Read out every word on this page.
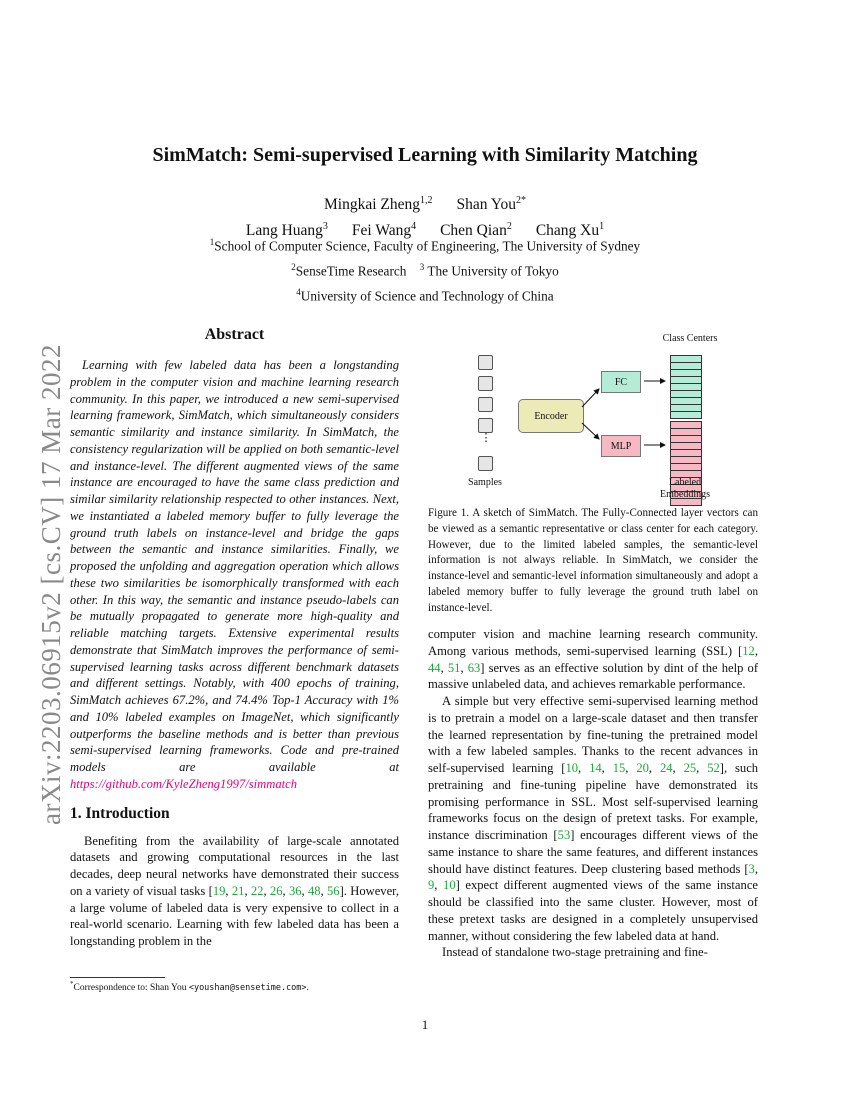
arXiv:2203.06915v2 [cs.CV] 17 Mar 2022
SimMatch: Semi-supervised Learning with Similarity Matching
Mingkai Zheng$^{1,2}$ Shan You$^{2*}$
Lang Huang$^3$ Fei Wang$^4$ Chen Qian$^2$ Chang Xu$^1$
$^1$School of Computer Science, Faculty of Engineering, The University of Sydney
$^2$SenseTime Research $^3$ The University of Tokyo
$^4$University of Science and Technology of China
Abstract

Learning with few labeled data has been a longstanding problem in the computer vision and machine learning research community. In this paper, we introduced a new semi-supervised learning framework, SimMatch, which simultaneously considers semantic similarity and instance similarity. In SimMatch, the consistency regularization will be applied on both semantic-level and instance-level. The different augmented views of the same instance are encouraged to have the same class prediction and similar similarity relationship respected to other instances. Next, we instantiated a labeled memory buffer to fully leverage the ground truth labels on instance-level and bridge the gaps between the semantic and instance similarities. Finally, we proposed the unfolding and aggregation operation which allows these two similarities be isomorphically transformed with each other. In this way, the semantic and instance pseudo-labels can be mutually propagated to generate more high-quality and reliable matching targets. Extensive experimental results demonstrate that SimMatch improves the performance of semi-supervised learning tasks across different benchmark datasets and different settings. Notably, with 400 epochs of training, SimMatch achieves 67.2%, and 74.4% Top-1 Accuracy with 1% and 10% labeled examples on ImageNet, which significantly outperforms the baseline methods and is better than previous semi-supervised learning frameworks. Code and pre-trained models are available at https://github.com/KyleZheng1997/simmatch

1. Introduction

Benefiting from the availability of large-scale annotated datasets and growing computational resources in the last decades, deep neural networks have demonstrated their success on a variety of visual tasks [19, 21, 22, 26, 36, 48, 56]. However, a large volume of labeled data is very expensive to collect in a real-world scenario. Learning with few labeled data has been a longstanding problem in the

Class Centers
⋮
Samples
Encoder
FC
MLP
Labeled
Embeddings
Figure 1. A sketch of SimMatch. The Fully-Connected layer vectors can be viewed as a semantic representative or class center for each category. However, due to the limited labeled samples, the semantic-level information is not always reliable. In SimMatch, we consider the instance-level and semantic-level information simultaneously and adopt a labeled memory buffer to fully leverage the ground truth label on instance-level.

computer vision and machine learning research community. Among various methods, semi-supervised learning (SSL) [12, 44, 51, 63] serves as an effective solution by dint of the help of massive unlabeled data, and achieves remarkable performance.

A simple but very effective semi-supervised learning method is to pretrain a model on a large-scale dataset and then transfer the learned representation by fine-tuning the pretrained model with a few labeled samples. Thanks to the recent advances in self-supervised learning [10, 14, 15, 20, 24, 25, 52], such pretraining and fine-tuning pipeline have demonstrated its promising performance in SSL. Most self-supervised learning frameworks focus on the design of pretext tasks. For example, instance discrimination [53] encourages different views of the same instance to share the same features, and different instances should have distinct features. Deep clustering based methods [3, 9, 10] expect different augmented views of the same instance should be classified into the same cluster. However, most of these pretext tasks are designed in a completely unsupervised manner, without considering the few labeled data at hand.

Instead of standalone two-stage pretraining and fine-

*Correspondence to: Shan You <youshan@sensetime.com>.
1
